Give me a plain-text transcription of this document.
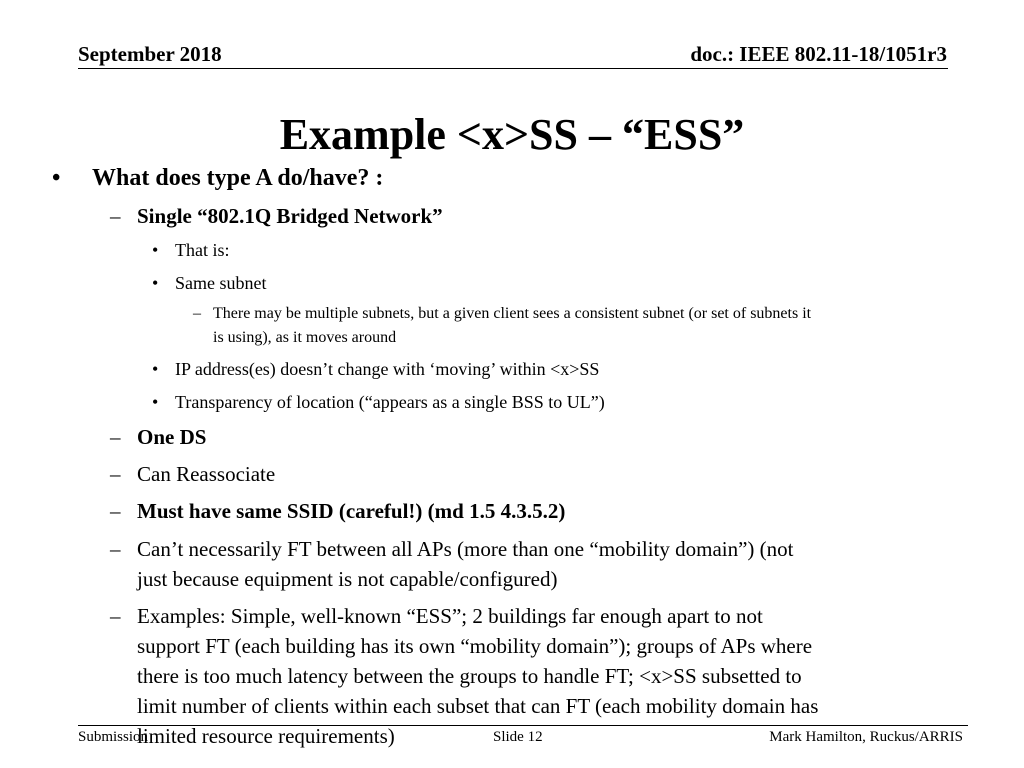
September 2018	doc.: IEEE 802.11-18/1051r3
Example <x>SS – “ESS”
• What does type A do/have? :
– Single “802.1Q Bridged Network”
• That is:
• Same subnet
– There may be multiple subnets, but a given client sees a consistent subnet (or set of subnets it
is using), as it moves around
• IP address(es) doesn’t change with ‘moving’ within <x>SS
• Transparency of location (“appears as a single BSS to UL”)
– One DS
– Can Reassociate
– Must have same SSID (careful!) (md 1.5 4.3.5.2)
– Can’t necessarily FT between all APs (more than one “mobility domain”) (not
just because equipment is not capable/configured)
– Examples: Simple, well-known “ESS”; 2 buildings far enough apart to not
support FT (each building has its own “mobility domain”); groups of APs where
there is too much latency between the groups to handle FT; <x>SS subsetted to
limit number of clients within each subset that can FT (each mobility domain has
limited resource requirements)
Submission	Slide 12	Mark Hamilton, Ruckus/ARRIS
